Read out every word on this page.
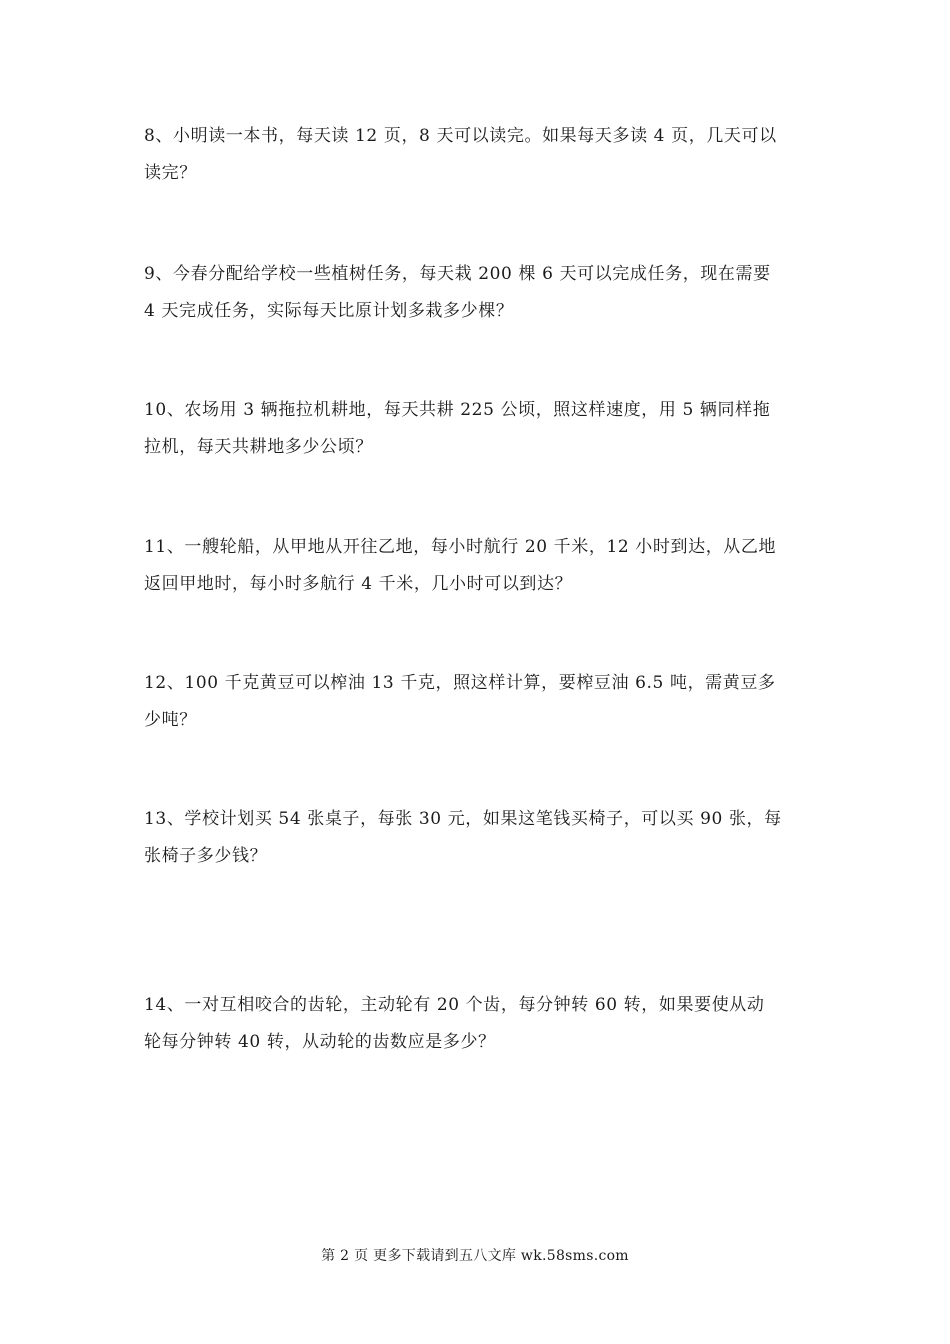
8、小明读一本书，每天读 12 页，8 天可以读完。如果每天多读 4 页，几天可以
读完？

9、今春分配给学校一些植树任务，每天栽 200 棵 6 天可以完成任务，现在需要
4 天完成任务，实际每天比原计划多栽多少棵？

10、农场用 3 辆拖拉机耕地，每天共耕 225 公顷，照这样速度，用 5 辆同样拖
拉机，每天共耕地多少公顷？

11、一艘轮船，从甲地从开往乙地，每小时航行 20 千米，12 小时到达，从乙地
返回甲地时，每小时多航行 4 千米，几小时可以到达？

12、100 千克黄豆可以榨油 13 千克，照这样计算，要榨豆油 6.5 吨，需黄豆多
少吨？

13、学校计划买 54 张桌子，每张 30 元，如果这笔钱买椅子，可以买 90 张，每
张椅子多少钱？

14、一对互相咬合的齿轮，主动轮有 20 个齿，每分钟转 60 转，如果要使从动
轮每分钟转 40 转，从动轮的齿数应是多少？

第 2 页 更多下载请到五八文库 wk.58sms.com
